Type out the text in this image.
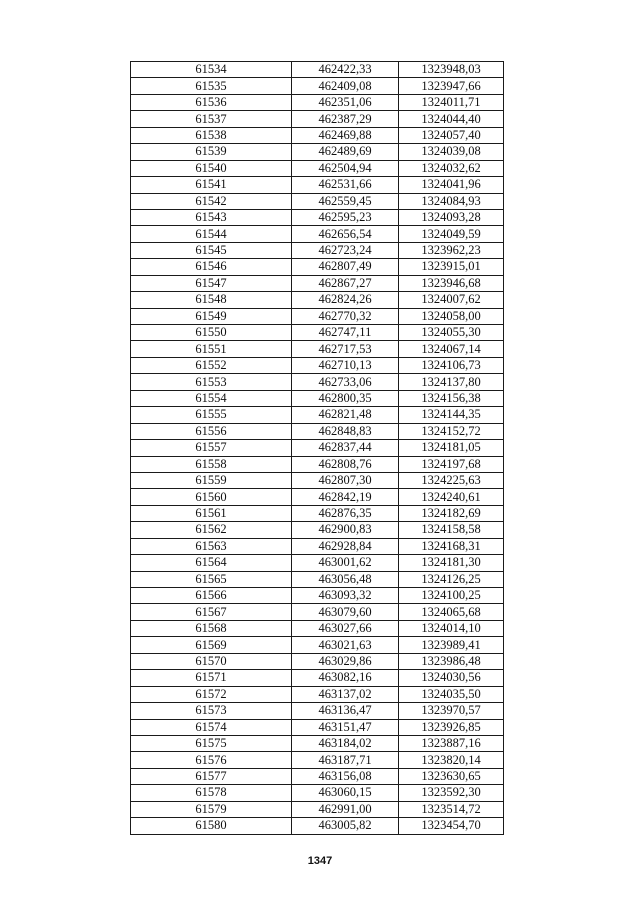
61534	462422,33	1323948,03
61535	462409,08	1323947,66
61536	462351,06	1324011,71
61537	462387,29	1324044,40
61538	462469,88	1324057,40
61539	462489,69	1324039,08
61540	462504,94	1324032,62
61541	462531,66	1324041,96
61542	462559,45	1324084,93
61543	462595,23	1324093,28
61544	462656,54	1324049,59
61545	462723,24	1323962,23
61546	462807,49	1323915,01
61547	462867,27	1323946,68
61548	462824,26	1324007,62
61549	462770,32	1324058,00
61550	462747,11	1324055,30
61551	462717,53	1324067,14
61552	462710,13	1324106,73
61553	462733,06	1324137,80
61554	462800,35	1324156,38
61555	462821,48	1324144,35
61556	462848,83	1324152,72
61557	462837,44	1324181,05
61558	462808,76	1324197,68
61559	462807,30	1324225,63
61560	462842,19	1324240,61
61561	462876,35	1324182,69
61562	462900,83	1324158,58
61563	462928,84	1324168,31
61564	463001,62	1324181,30
61565	463056,48	1324126,25
61566	463093,32	1324100,25
61567	463079,60	1324065,68
61568	463027,66	1324014,10
61569	463021,63	1323989,41
61570	463029,86	1323986,48
61571	463082,16	1324030,56
61572	463137,02	1324035,50
61573	463136,47	1323970,57
61574	463151,47	1323926,85
61575	463184,02	1323887,16
61576	463187,71	1323820,14
61577	463156,08	1323630,65
61578	463060,15	1323592,30
61579	462991,00	1323514,72
61580	463005,82	1323454,70
1347
